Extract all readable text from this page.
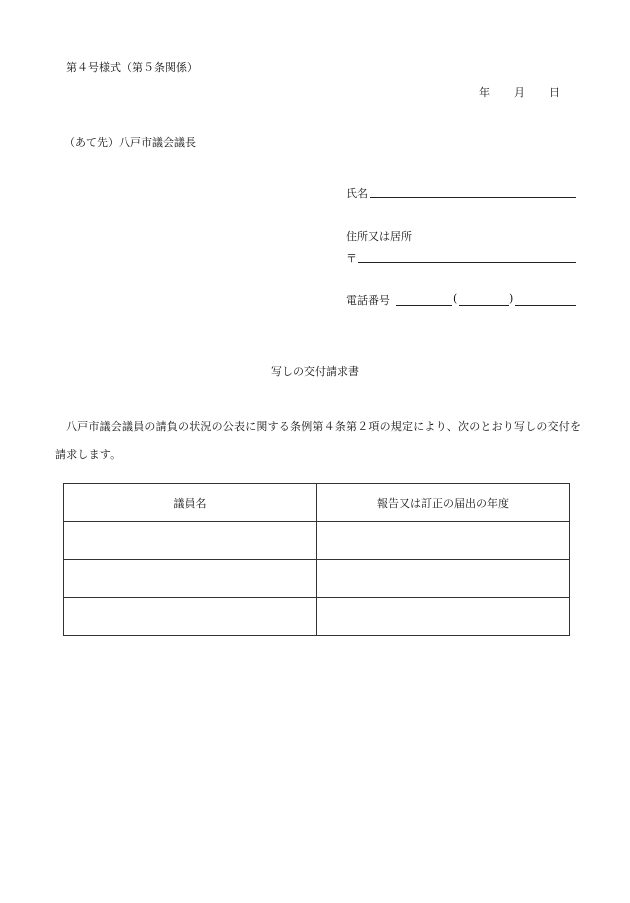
第４号様式（第５条関係）
年 月 日
（あて先）八戸市議会議長
氏名
住所又は居所
〒
電話番号	(	)
写しの交付請求書
八戸市議会議員の請負の状況の公表に関する条例第４条第２項の規定により、次のとおり写しの交付を請求します。
議員名	報告又は訂正の届出の年度
